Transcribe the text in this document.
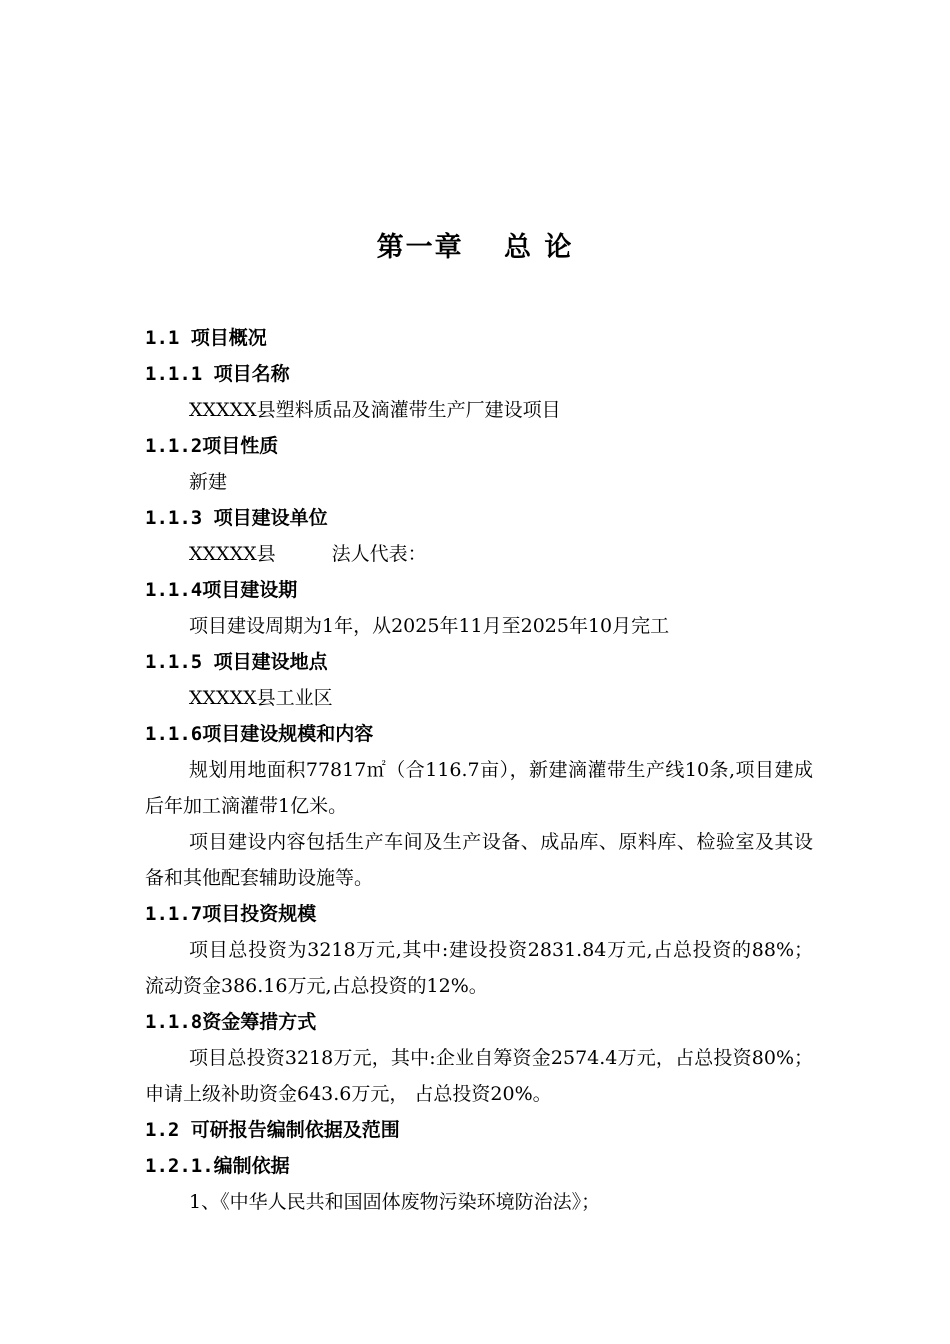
第一章　 总 论
1.1 项目概况
1.1.1 项目名称
XXXXX县塑料质品及滴灌带生产厂建设项目
1.1.2项目性质
新建
1.1.3 项目建设单位
XXXXX县	法人代表：
1.1.4项目建设期
项目建设周期为1年，从2025年11月至2025年10月完工
1.1.5 项目建设地点
XXXXX县工业区
1.1.6项目建设规模和内容
规划用地面积77817㎡（合116.7亩），新建滴灌带生产线10条,项目建成后年加工滴灌带1亿米。
项目建设内容包括生产车间及生产设备、成品库、原料库、检验室及其设备和其他配套辅助设施等。
1.1.7项目投资规模
项目总投资为3218万元,其中:建设投资2831.84万元,占总投资的88%；流动资金386.16万元,占总投资的12%。
1.1.8资金筹措方式
项目总投资3218万元，其中:企业自筹资金2574.4万元，占总投资80%；申请上级补助资金643.6万元， 占总投资20%。
1.2 可研报告编制依据及范围
1.2.1.编制依据
1、《中华人民共和国固体废物污染环境防治法》；
